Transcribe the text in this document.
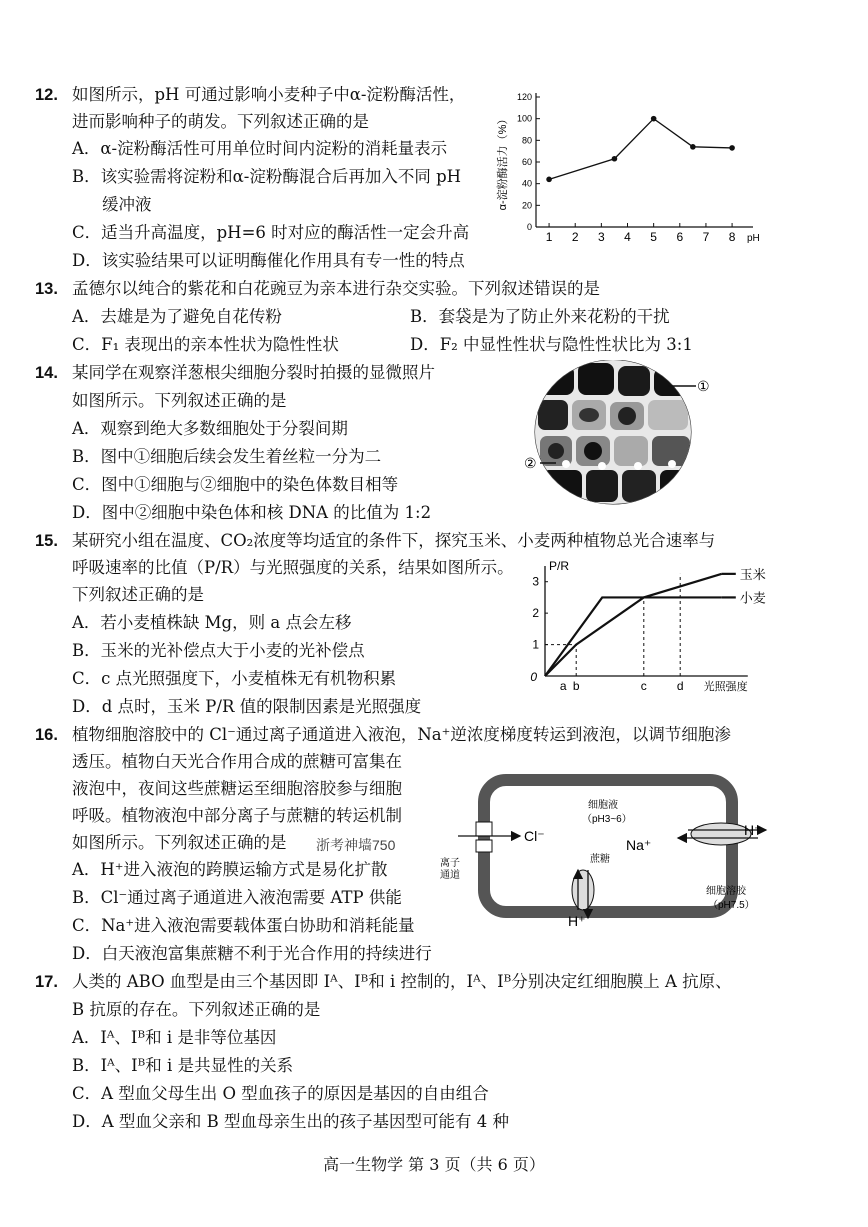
12. 如图所示，pH 可通过影响小麦种子中α-淀粉酶活性，
进而影响种子的萌发。下列叙述正确的是
A．α-淀粉酶活性可用单位时间内淀粉的消耗量表示
B．该实验需将淀粉和α-淀粉酶混合后再加入不同 pH
缓冲液
C．适当升高温度，pH=6 时对应的酶活性一定会升高
D．该实验结果可以证明酶催化作用具有专一性的特点
0
20
40
60
80
100
120
1 2 3 4 5 6 7 8 pH
α-淀粉酶活力（%）
13. 孟德尔以纯合的紫花和白花豌豆为亲本进行杂交实验。下列叙述错误的是
A．去雄是为了避免自花传粉	B．套袋是为了防止外来花粉的干扰
C．F₁ 表现出的亲本性状为隐性性状	D．F₂ 中显性性状与隐性性状比为 3:1
14. 某同学在观察洋葱根尖细胞分裂时拍摄的显微照片
如图所示。下列叙述正确的是
A．观察到绝大多数细胞处于分裂间期
B．图中①细胞后续会发生着丝粒一分为二
C．图中①细胞与②细胞中的染色体数目相等
D．图中②细胞中染色体和核 DNA 的比值为 1:2
①
②
15. 某研究小组在温度、CO₂浓度等均适宜的条件下，探究玉米、小麦两种植物总光合速率与
呼吸速率的比值（P/R）与光照强度的关系，结果如图所示。
下列叙述正确的是
A．若小麦植株缺 Mg，则 a 点会左移
B．玉米的光补偿点大于小麦的光补偿点
C．c 点光照强度下，小麦植株无有机物积累
D．d 点时，玉米 P/R 值的限制因素是光照强度
P/R
0
1
2
3
a b	c	d 光照强度
玉米
小麦
16. 植物细胞溶胶中的 Cl⁻通过离子通道进入液泡，Na⁺逆浓度梯度转运到液泡，以调节细胞渗
透压。植物白天光合作用合成的蔗糖可富集在
液泡中，夜间这些蔗糖运至细胞溶胶参与细胞
呼吸。植物液泡中部分离子与蔗糖的转运机制
如图所示。下列叙述正确的是 浙考神墙750
A．H⁺进入液泡的跨膜运输方式是易化扩散
B．Cl⁻通过离子通道进入液泡需要 ATP 供能
C．Na⁺进入液泡需要载体蛋白协助和消耗能量
D．白天液泡富集蔗糖不利于光合作用的持续进行
细胞液
（pH3~6）
Cl⁻
离子
通道
Na⁺
H⁺
蔗糖
H⁺
细胞溶胶
（pH7.5）
17. 人类的 ABO 血型是由三个基因即 Iᴬ、Iᴮ和 i 控制的，Iᴬ、Iᴮ分别决定红细胞膜上 A 抗原、
B 抗原的存在。下列叙述正确的是
A．Iᴬ、Iᴮ和 i 是非等位基因
B．Iᴬ、Iᴮ和 i 是共显性的关系
C．A 型血父母生出 O 型血孩子的原因是基因的自由组合
D．A 型血父亲和 B 型血母亲生出的孩子基因型可能有 4 种
高一生物学 第 3 页（共 6 页）
